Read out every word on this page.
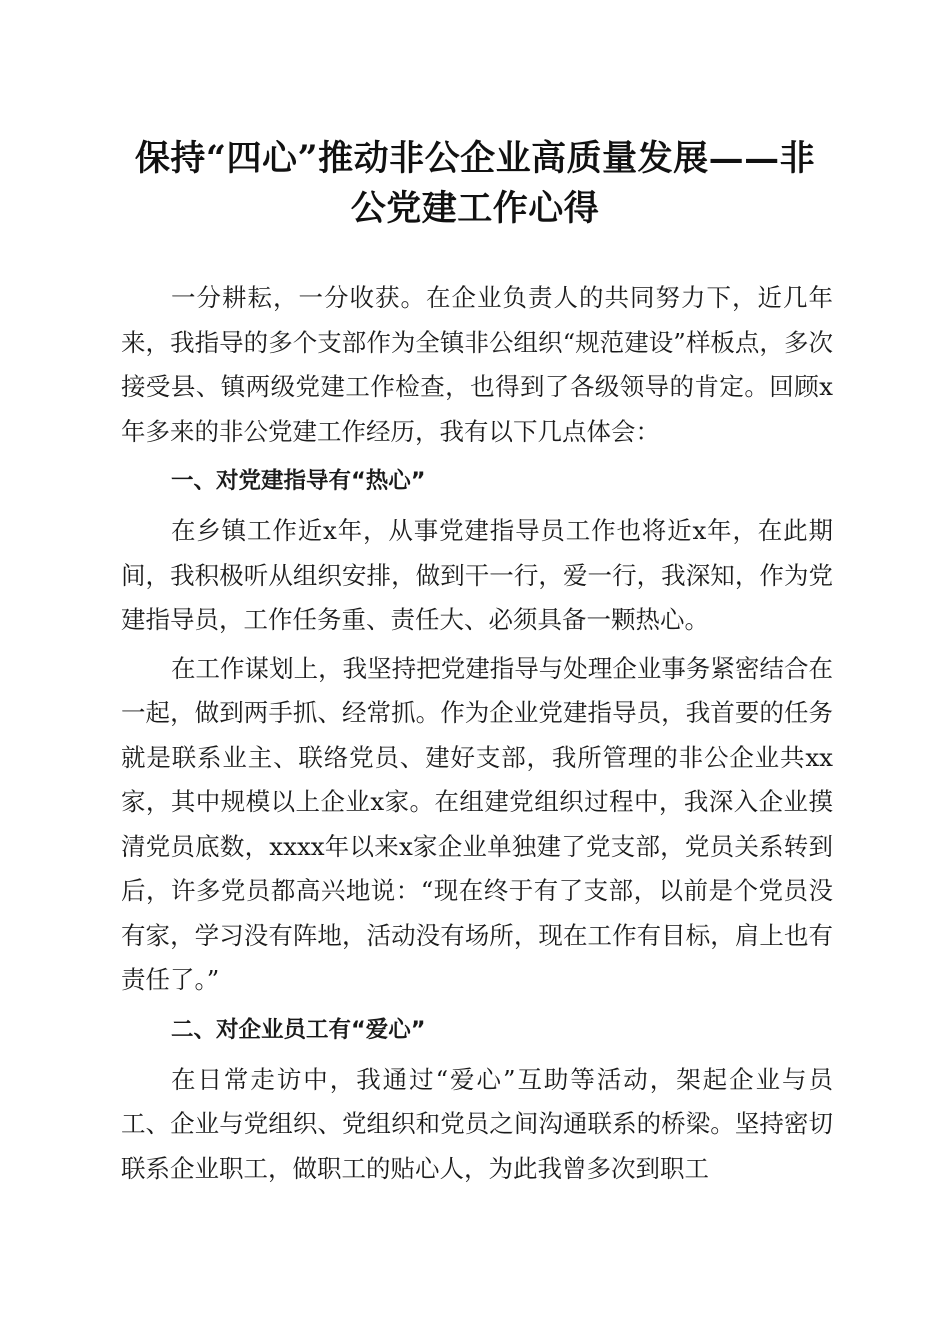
保持“四心”推动非公企业高质量发展——非
公党建工作心得

一分耕耘，一分收获。在企业负责人的共同努力下，近几年来，我指导的多个支部作为全镇非公组织“规范建设”样板点，多次接受县、镇两级党建工作检查，也得到了各级领导的肯定。回顾x年多来的非公党建工作经历，我有以下几点体会：

一、对党建指导有“热心”

在乡镇工作近x年，从事党建指导员工作也将近x年，在此期间，我积极听从组织安排，做到干一行，爱一行，我深知，作为党建指导员，工作任务重、责任大、必须具备一颗热心。

在工作谋划上，我坚持把党建指导与处理企业事务紧密结合在一起，做到两手抓、经常抓。作为企业党建指导员，我首要的任务就是联系业主、联络党员、建好支部，我所管理的非公企业共xx家，其中规模以上企业x家。在组建党组织过程中，我深入企业摸清党员底数，xxxx年以来x家企业单独建了党支部，党员关系转到后，许多党员都高兴地说：“现在终于有了支部，以前是个党员没有家，学习没有阵地，活动没有场所，现在工作有目标，肩上也有责任了。”

二、对企业员工有“爱心”

在日常走访中，我通过“爱心”互助等活动，架起企业与员工、企业与党组织、党组织和党员之间沟通联系的桥梁。坚持密切联系企业职工，做职工的贴心人，为此我曾多次到职工
